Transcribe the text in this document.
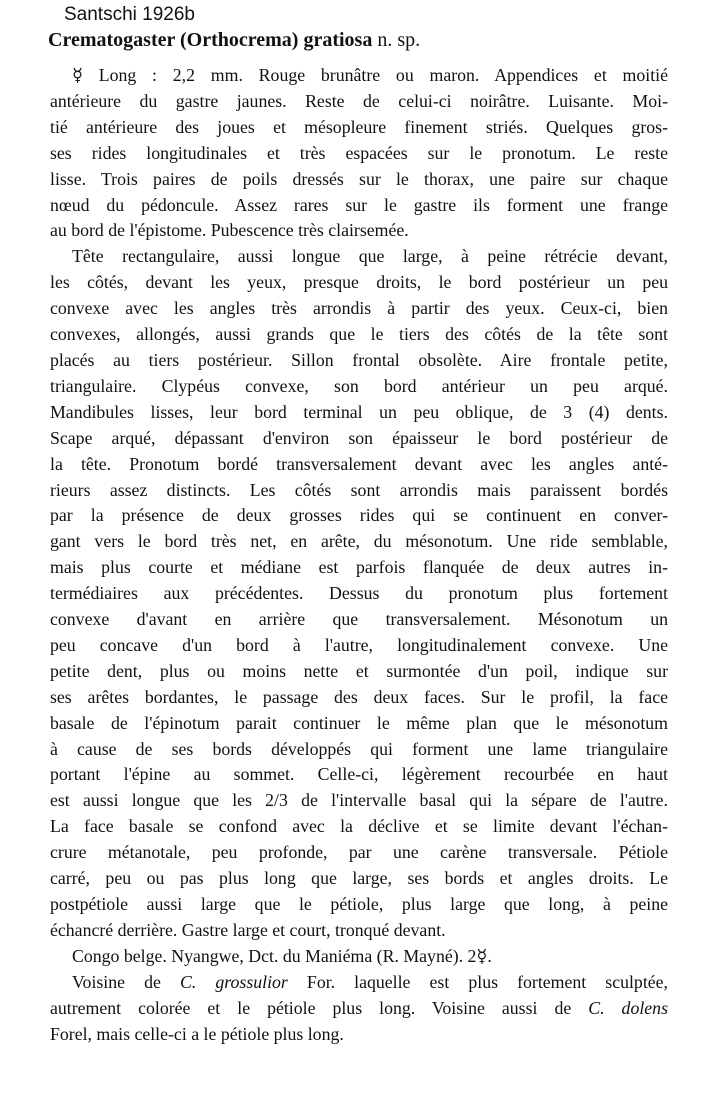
Santschi 1926b
Crematogaster (Orthocrema) gratiosa n. sp.

☿ Long : 2,2 mm. Rouge brunâtre ou maron. Appendices et moitié

antérieure du gastre jaunes. Reste de celui-ci noirâtre. Luisante. Moi-

tié antérieure des joues et mésopleure finement striés. Quelques gros-

ses rides longitudinales et très espacées sur le pronotum. Le reste

lisse. Trois paires de poils dressés sur le thorax, une paire sur chaque

nœud du pédoncule. Assez rares sur le gastre ils forment une frange

au bord de l'épistome. Pubescence très clairsemée.

Tête rectangulaire, aussi longue que large, à peine rétrécie devant,

les côtés, devant les yeux, presque droits, le bord postérieur un peu

convexe avec les angles très arrondis à partir des yeux. Ceux-ci, bien

convexes, allongés, aussi grands que le tiers des côtés de la tête sont

placés au tiers postérieur. Sillon frontal obsolète. Aire frontale petite,

triangulaire. Clypéus convexe, son bord antérieur un peu arqué.

Mandibules lisses, leur bord terminal un peu oblique, de 3 (4) dents.

Scape arqué, dépassant d'environ son épaisseur le bord postérieur de

la tête. Pronotum bordé transversalement devant avec les angles anté-

rieurs assez distincts. Les côtés sont arrondis mais paraissent bordés

par la présence de deux grosses rides qui se continuent en conver-

gant vers le bord très net, en arête, du mésonotum. Une ride semblable,

mais plus courte et médiane est parfois flanquée de deux autres in-

termédiaires aux précédentes. Dessus du pronotum plus fortement

convexe d'avant en arrière que transversalement. Mésonotum un

peu concave d'un bord à l'autre, longitudinalement convexe. Une

petite dent, plus ou moins nette et surmontée d'un poil, indique sur

ses arêtes bordantes, le passage des deux faces. Sur le profil, la face

basale de l'épinotum parait continuer le même plan que le mésonotum

à cause de ses bords développés qui forment une lame triangulaire

portant l'épine au sommet. Celle-ci, légèrement recourbée en haut

est aussi longue que les 2/3 de l'intervalle basal qui la sépare de l'autre.

La face basale se confond avec la déclive et se limite devant l'échan-

crure métanotale, peu profonde, par une carène transversale. Pétiole

carré, peu ou pas plus long que large, ses bords et angles droits. Le

postpétiole aussi large que le pétiole, plus large que long, à peine

échancré derrière. Gastre large et court, tronqué devant.

Congo belge. Nyangwe, Dct. du Maniéma (R. Mayné). 2☿.

Voisine de C. grossulior For. laquelle est plus fortement sculptée,

autrement colorée et le pétiole plus long. Voisine aussi de C. dolens

Forel, mais celle-ci a le pétiole plus long.
